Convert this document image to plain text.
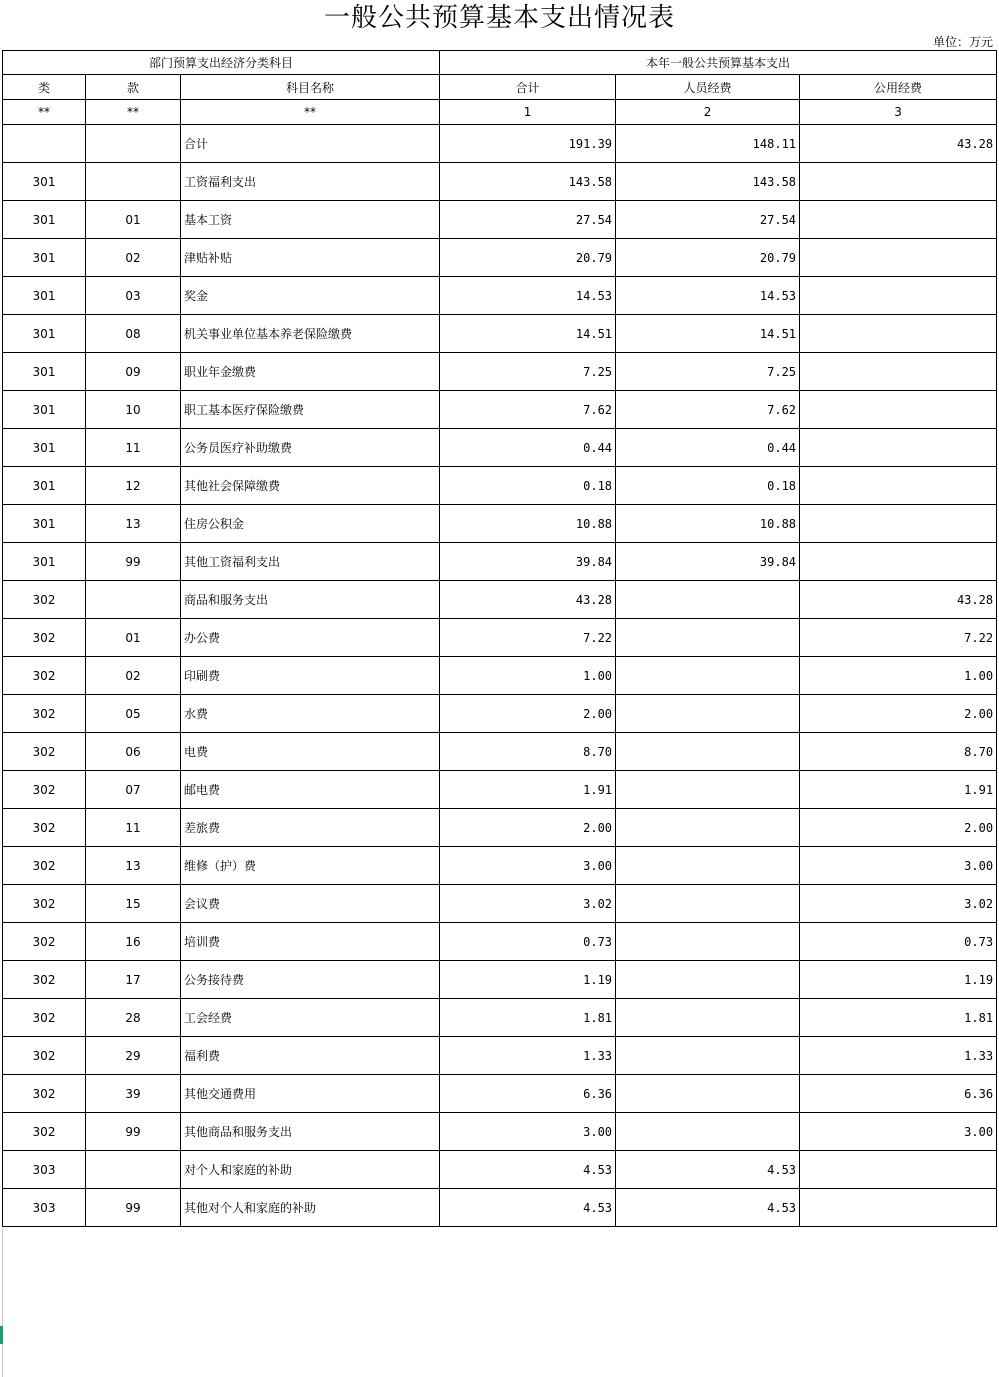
一般公共预算基本支出情况表
单位：万元
部门预算支出经济分类科目			本年一般公共预算基本支出		
类	款	科目名称	合计	人员经费	公用经费
**	**	**	1	2	3
		合计	191.39	148.11	43.28
301		工资福利支出	143.58	143.58	
301	01	基本工资	27.54	27.54	
301	02	津贴补贴	20.79	20.79	
301	03	奖金	14.53	14.53	
301	08	机关事业单位基本养老保险缴费	14.51	14.51	
301	09	职业年金缴费	7.25	7.25	
301	10	职工基本医疗保险缴费	7.62	7.62	
301	11	公务员医疗补助缴费	0.44	0.44	
301	12	其他社会保障缴费	0.18	0.18	
301	13	住房公积金	10.88	10.88	
301	99	其他工资福利支出	39.84	39.84	
302		商品和服务支出	43.28		43.28
302	01	办公费	7.22		7.22
302	02	印刷费	1.00		1.00
302	05	水费	2.00		2.00
302	06	电费	8.70		8.70
302	07	邮电费	1.91		1.91
302	11	差旅费	2.00		2.00
302	13	维修（护）费	3.00		3.00
302	15	会议费	3.02		3.02
302	16	培训费	0.73		0.73
302	17	公务接待费	1.19		1.19
302	28	工会经费	1.81		1.81
302	29	福利费	1.33		1.33
302	39	其他交通费用	6.36		6.36
302	99	其他商品和服务支出	3.00		3.00
303		对个人和家庭的补助	4.53	4.53	
303	99	其他对个人和家庭的补助	4.53	4.53	
